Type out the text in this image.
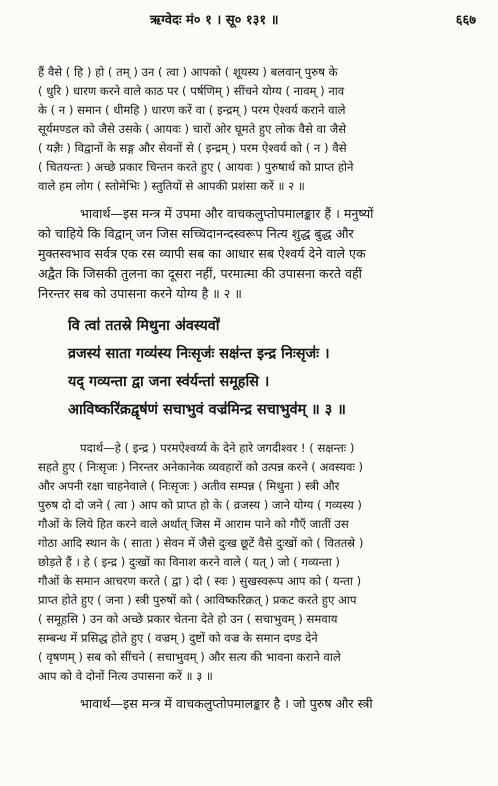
ऋग्वेदः मं० १ । सू० १३१ ॥	६६७
हैं वैसे ( हि ) हो ( तम् ) उन ( त्वा ) आपको ( शूयस्य ) बलवान् पुरुष के
( धुरि ) धारण करने वाले काठ पर ( पर्षणिम् ) सींचने योग्य ( नावम् ) नाव
के ( न ) समान ( धीमहि ) धारण करें वा ( इन्द्रम् ) परम ऐश्वर्य कराने वाले
सूर्यमण्डल को जैसे उसके ( आयवः ) चारों ओर घूमते हुए लोक वैसे वा जैसे
( यज्ञैः ) विद्वानों के सङ्ग और सेवनों से ( इन्द्रम् ) परम ऐश्वर्य को ( न ) वैसे
( चितयन्तः ) अच्छे प्रकार चिन्तन करते हुए ( आयवः ) पुरुषार्थ को प्राप्त होने
वाले हम लोग ( स्तोमेभिः ) स्तुतियों से आपकी प्रशंसा करें ॥ २ ॥
भावार्थ—इस मन्त्र में उपमा और वाचकलुप्तोपमालङ्कार हैं । मनुष्यों
को चाहिये कि विद्वान् जन जिस सच्चिदानन्दस्वरूप नित्य शुद्ध बुद्ध और
मुक्तस्वभाव सर्वत्र एक रस व्यापी सब का आधार सब ऐश्वर्य देने वाले एक
अद्वैत कि जिसकी तुलना का दूसरा नहीं, परमात्मा की उपासना करते वहीं
निरन्तर सब को उपासना करने योग्य है ॥ २ ॥
वि त्वा॑ ततस्रे मिथुना अ॑वस्यवो॑
व्रजस्य॑ साता गव्य॑स्य निःसृजः॑ सक्ष॑न्त इन्द्र निःसृजः॑ ।
यद् गव्यन्ता द्वा जना स्व॑र्यन्ता॑ समूहसि ।
आविष्करि॑क्रद्वृष॑णं सचाभुवं वज्र॑मिन्द्र सचाभुव॑म् ॥ ३ ॥
पदार्थ—हे ( इन्द्र ) परमऐश्वर्य्य के देने हारे जगदीश्वर ! ( सक्षन्तः )
सहते हुए ( निःसृजः ) निरन्तर अनेकानेक व्यवहारों को उत्पन्न करने ( अवस्यवः )
और अपनी रक्षा चाहनेवाले ( निःसृजः ) अतीव सम्पन्न ( मिथुना ) स्त्री और
पुरुष दो दो जने ( त्वा ) आप को प्राप्त हो के ( व्रजस्य ) जाने योग्य ( गव्यस्य )
गौओं के लिये हित करने वाले अर्थात् जिस में आराम पाने को गौएँ जातीं उस
गोठा आदि स्थान के ( साता ) सेवन में जैसे दुःख छूटें वैसे दुःखों को ( विततस्रे )
छोड़ते हैं । हे ( इन्द्र ) दुःखों का विनाश करने वाले ( यत् ) जो ( गव्यन्ता )
गौओं के समान आचरण करते ( द्वा ) दो ( स्वः ) सुखस्वरूप आप को ( यन्ता )
प्राप्त होते हुए ( जना ) स्त्री पुरुषों को ( आविष्करिक्रत् ) प्रकट करते हुए आप
( समूहसि ) उन को अच्छे प्रकार चेतना देते हो उन ( सचाभुवम् ) समवाय
सम्बन्ध में प्रसिद्ध होते हुए ( वज्रम् ) दुष्टों को वज्र के समान दण्ड देने
( वृषणम् ) सब को सींचने ( सचाभुवम् ) और सत्य की भावना कराने वाले
आप को वे दोनों नित्य उपासना करें ॥ ३ ॥
भावार्थ—इस मन्त्र में वाचकलुप्तोपमालङ्कार है । जो पुरुष और स्त्री
